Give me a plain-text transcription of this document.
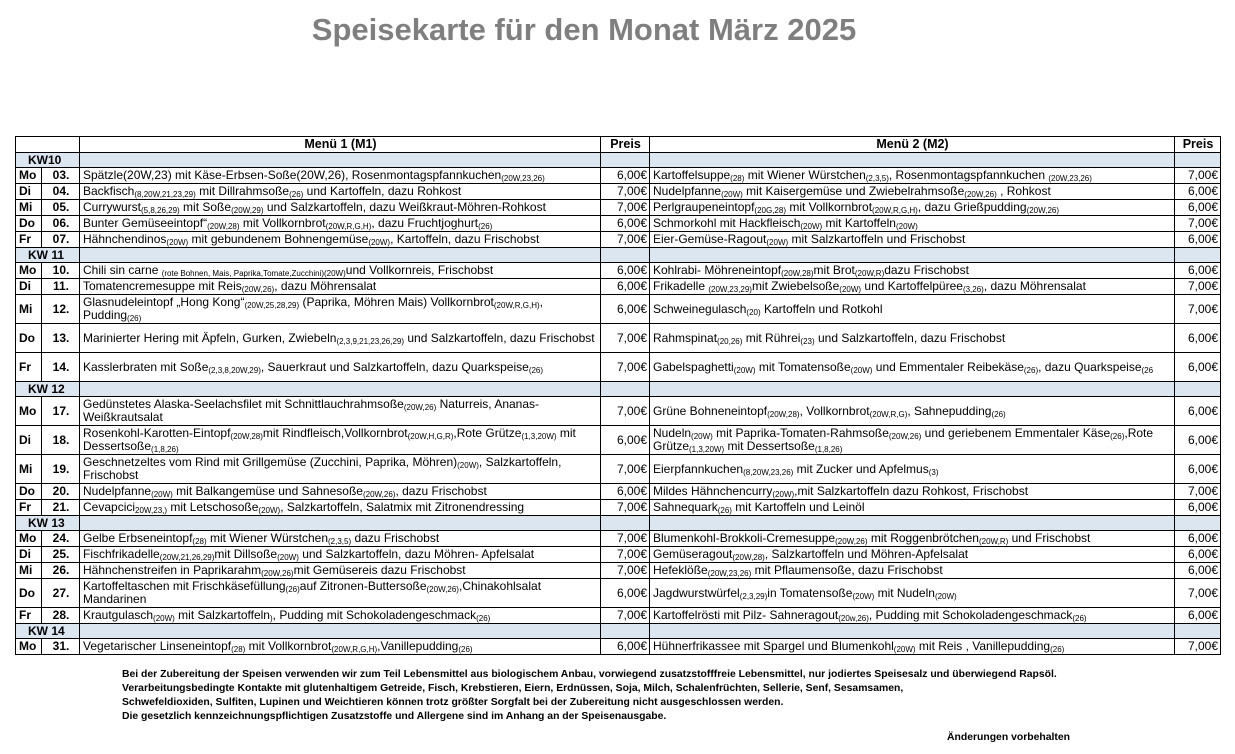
Speisekarte für den Monat März 2025
		Menü 1 (M1)	Preis	Menü 2 (M2)	Preis
KW10					
Mo	03.	Spätzle(20W,23) mit Käse-Erbsen-Soße(20W,26), Rosenmontagspfannkuchen(20W,23,26)	6,00€	Kartoffelsuppe(28) mit Wiener Würstchen(2,3,5), Rosenmontagspfannkuchen (20W,23,26)	7,00€
Di	04.	Backfisch(8,20W,21,23,29) mit Dillrahmsoße(26) und Kartoffeln, dazu Rohkost	7,00€	Nudelpfanne(20W) mit Kaisergemüse und Zwiebelrahmsoße(20W,26) , Rohkost	6,00€
Mi	05.	Currywurst(5,8,26,29) mit Soße(20W,29) und Salzkartoffeln, dazu Weißkraut-Möhren-Rohkost	7,00€	Perlgraupeneintopf(20G,28) mit Vollkornbrot(20W,R,G,H), dazu Grießpudding(20W,26)	6,00€
Do	06.	Bunter Gemüseeintopf“(20W,28) mit Vollkornbrot(20W,R,G,H), dazu Fruchtjoghurt(26)	6,00€	Schmorkohl mit Hackfleisch(20W) mit Kartoffeln(20W)	7,00€
Fr	07.	Hähnchendinos(20W) mit gebundenem Bohnengemüse(20W), Kartoffeln, dazu Frischobst	7,00€	Eier-Gemüse-Ragout(20W) mit Salzkartoffeln und Frischobst	6,00€
KW 11					
Mo	10.	Chili sin carne (rote Bohnen, Mais, Paprika,Tomate,Zucchini)(20W)und Vollkornreis, Frischobst	6,00€	Kohlrabi- Möhreneintopf(20W,28)mit Brot(20W,R)dazu Frischobst	6,00€
Di	11.	Tomatencremesuppe mit Reis(20W,26), dazu Möhrensalat	6,00€	Frikadelle (20W,23,29)mit Zwiebelsoße(20W) und Kartoffelpüree(3,26), dazu Möhrensalat	7,00€
Mi	12.	Glasnudeleintopf „Hong Kong“(20W,25,28,29) (Paprika, Möhren Mais) Vollkornbrot(20W,R,G,H), Pudding(26)	6,00€	Schweinegulasch(20) Kartoffeln und Rotkohl	7,00€
Do	13.	Marinierter Hering mit Äpfeln, Gurken, Zwiebeln(2,3,9,21,23,26,29) und Salzkartoffeln, dazu Frischobst	7,00€	Rahmspinat(20,26) mit Rührei(23) und Salzkartoffeln, dazu Frischobst	6,00€
Fr	14.	Kasslerbraten mit Soße(2,3,8,20W,29), Sauerkraut und Salzkartoffeln, dazu Quarkspeise(26)	7,00€	Gabelspaghetti(20W) mit Tomatensoße(20W) und Emmentaler Reibekäse(26), dazu Quarkspeise(26	6,00€
KW 12					
Mo	17.	Gedünstetes Alaska-Seelachsfilet mit Schnittlauchrahmsoße(20W,26) Naturreis, Ananas-Weißkrautsalat	7,00€	Grüne Bohneneintopf(20W,28), Vollkornbrot(20W,R,G), Sahnepudding(26)	6,00€
Di	18.	Rosenkohl-Karotten-Eintopf(20W,28)mit Rindfleisch,Vollkornbrot(20W,H,G,R),Rote Grütze(1,3,20W) mit Dessertsoße(1,8,26)	6,00€	Nudeln(20W) mit Paprika-Tomaten-Rahmsoße(20W,26) und geriebenem Emmentaler Käse(26),Rote Grütze(1,3,20W) mit Dessertsoße(1,8,26)	6,00€
Mi	19.	Geschnetzeltes vom Rind mit Grillgemüse (Zucchini, Paprika, Möhren)(20W), Salzkartoffeln, Frischobst	7,00€	Eierpfannkuchen(8,20W,23,26) mit Zucker und Apfelmus(3)	6,00€
Do	20.	Nudelpfanne(20W) mit Balkangemüse und Sahnesoße(20W,26), dazu Frischobst	6,00€	Mildes Hähnchencurry(20W),mit Salzkartoffeln dazu Rohkost, Frischobst	7,00€
Fr	21.	Cevapcici20W,23,) mit Letschosoße(20W), Salzkartoffeln, Salatmix mit Zitronendressing	7,00€	Sahnequark(26) mit Kartoffeln und Leinöl	6,00€
KW 13					
Mo	24.	Gelbe Erbseneintopf(28) mit Wiener Würstchen(2,3,5) dazu Frischobst	7,00€	Blumenkohl-Brokkoli-Cremesuppe(20W,26) mit Roggenbrötchen(20W,R) und Frischobst	6,00€
Di	25.	Fischfrikadelle(20W,21,26,29)mit Dillsoße(20W) und Salzkartoffeln, dazu Möhren- Apfelsalat	7,00€	Gemüseragout(20W,28), Salzkartoffeln und Möhren-Apfelsalat	6,00€
Mi	26.	Hähnchenstreifen in Paprikarahm(20W,26)mit Gemüsereis dazu Frischobst	7,00€	Hefeklöße(20W,23,26) mit Pflaumensoße, dazu Frischobst	6,00€
Do	27.	Kartoffeltaschen mit Frischkäsefüllung(26)auf Zitronen-Buttersoße(20W,26),Chinakohlsalat Mandarinen	6,00€	Jagdwurstwürfel(2,3,29)in Tomatensoße(20W) mit Nudeln(20W)	7,00€
Fr	28.	Krautgulasch(20W) mit Salzkartoffeln), Pudding mit Schokoladengeschmack(26)	7,00€	Kartoffelrösti mit Pilz- Sahneragout(20w,26), Pudding mit Schokoladengeschmack(26)	6,00€
KW 14					
Mo	31.	Vegetarischer Linseneintopf(28) mit Vollkornbrot(20W,R,G,H),Vanillepudding(26)	6,00€	Hühnerfrikassee mit Spargel und Blumenkohl(20W) mit Reis , Vanillepudding(26)	7,00€
Bei der Zubereitung der Speisen verwenden wir zum Teil Lebensmittel aus biologischem Anbau, vorwiegend zusatzstofffreie Lebensmittel, nur jodiertes Speisesalz und überwiegend Rapsöl.
Verarbeitungsbedingte Kontakte mit glutenhaltigem Getreide, Fisch, Krebstieren, Eiern, Erdnüssen, Soja, Milch, Schalenfrüchten, Sellerie, Senf, Sesamsamen,
Schwefeldioxiden, Sulfiten, Lupinen und Weichtieren können trotz größter Sorgfalt bei der Zubereitung nicht ausgeschlossen werden.
Die gesetzlich kennzeichnungspflichtigen Zusatzstoffe und Allergene sind im Anhang an der Speisenausgabe.
Änderungen vorbehalten
